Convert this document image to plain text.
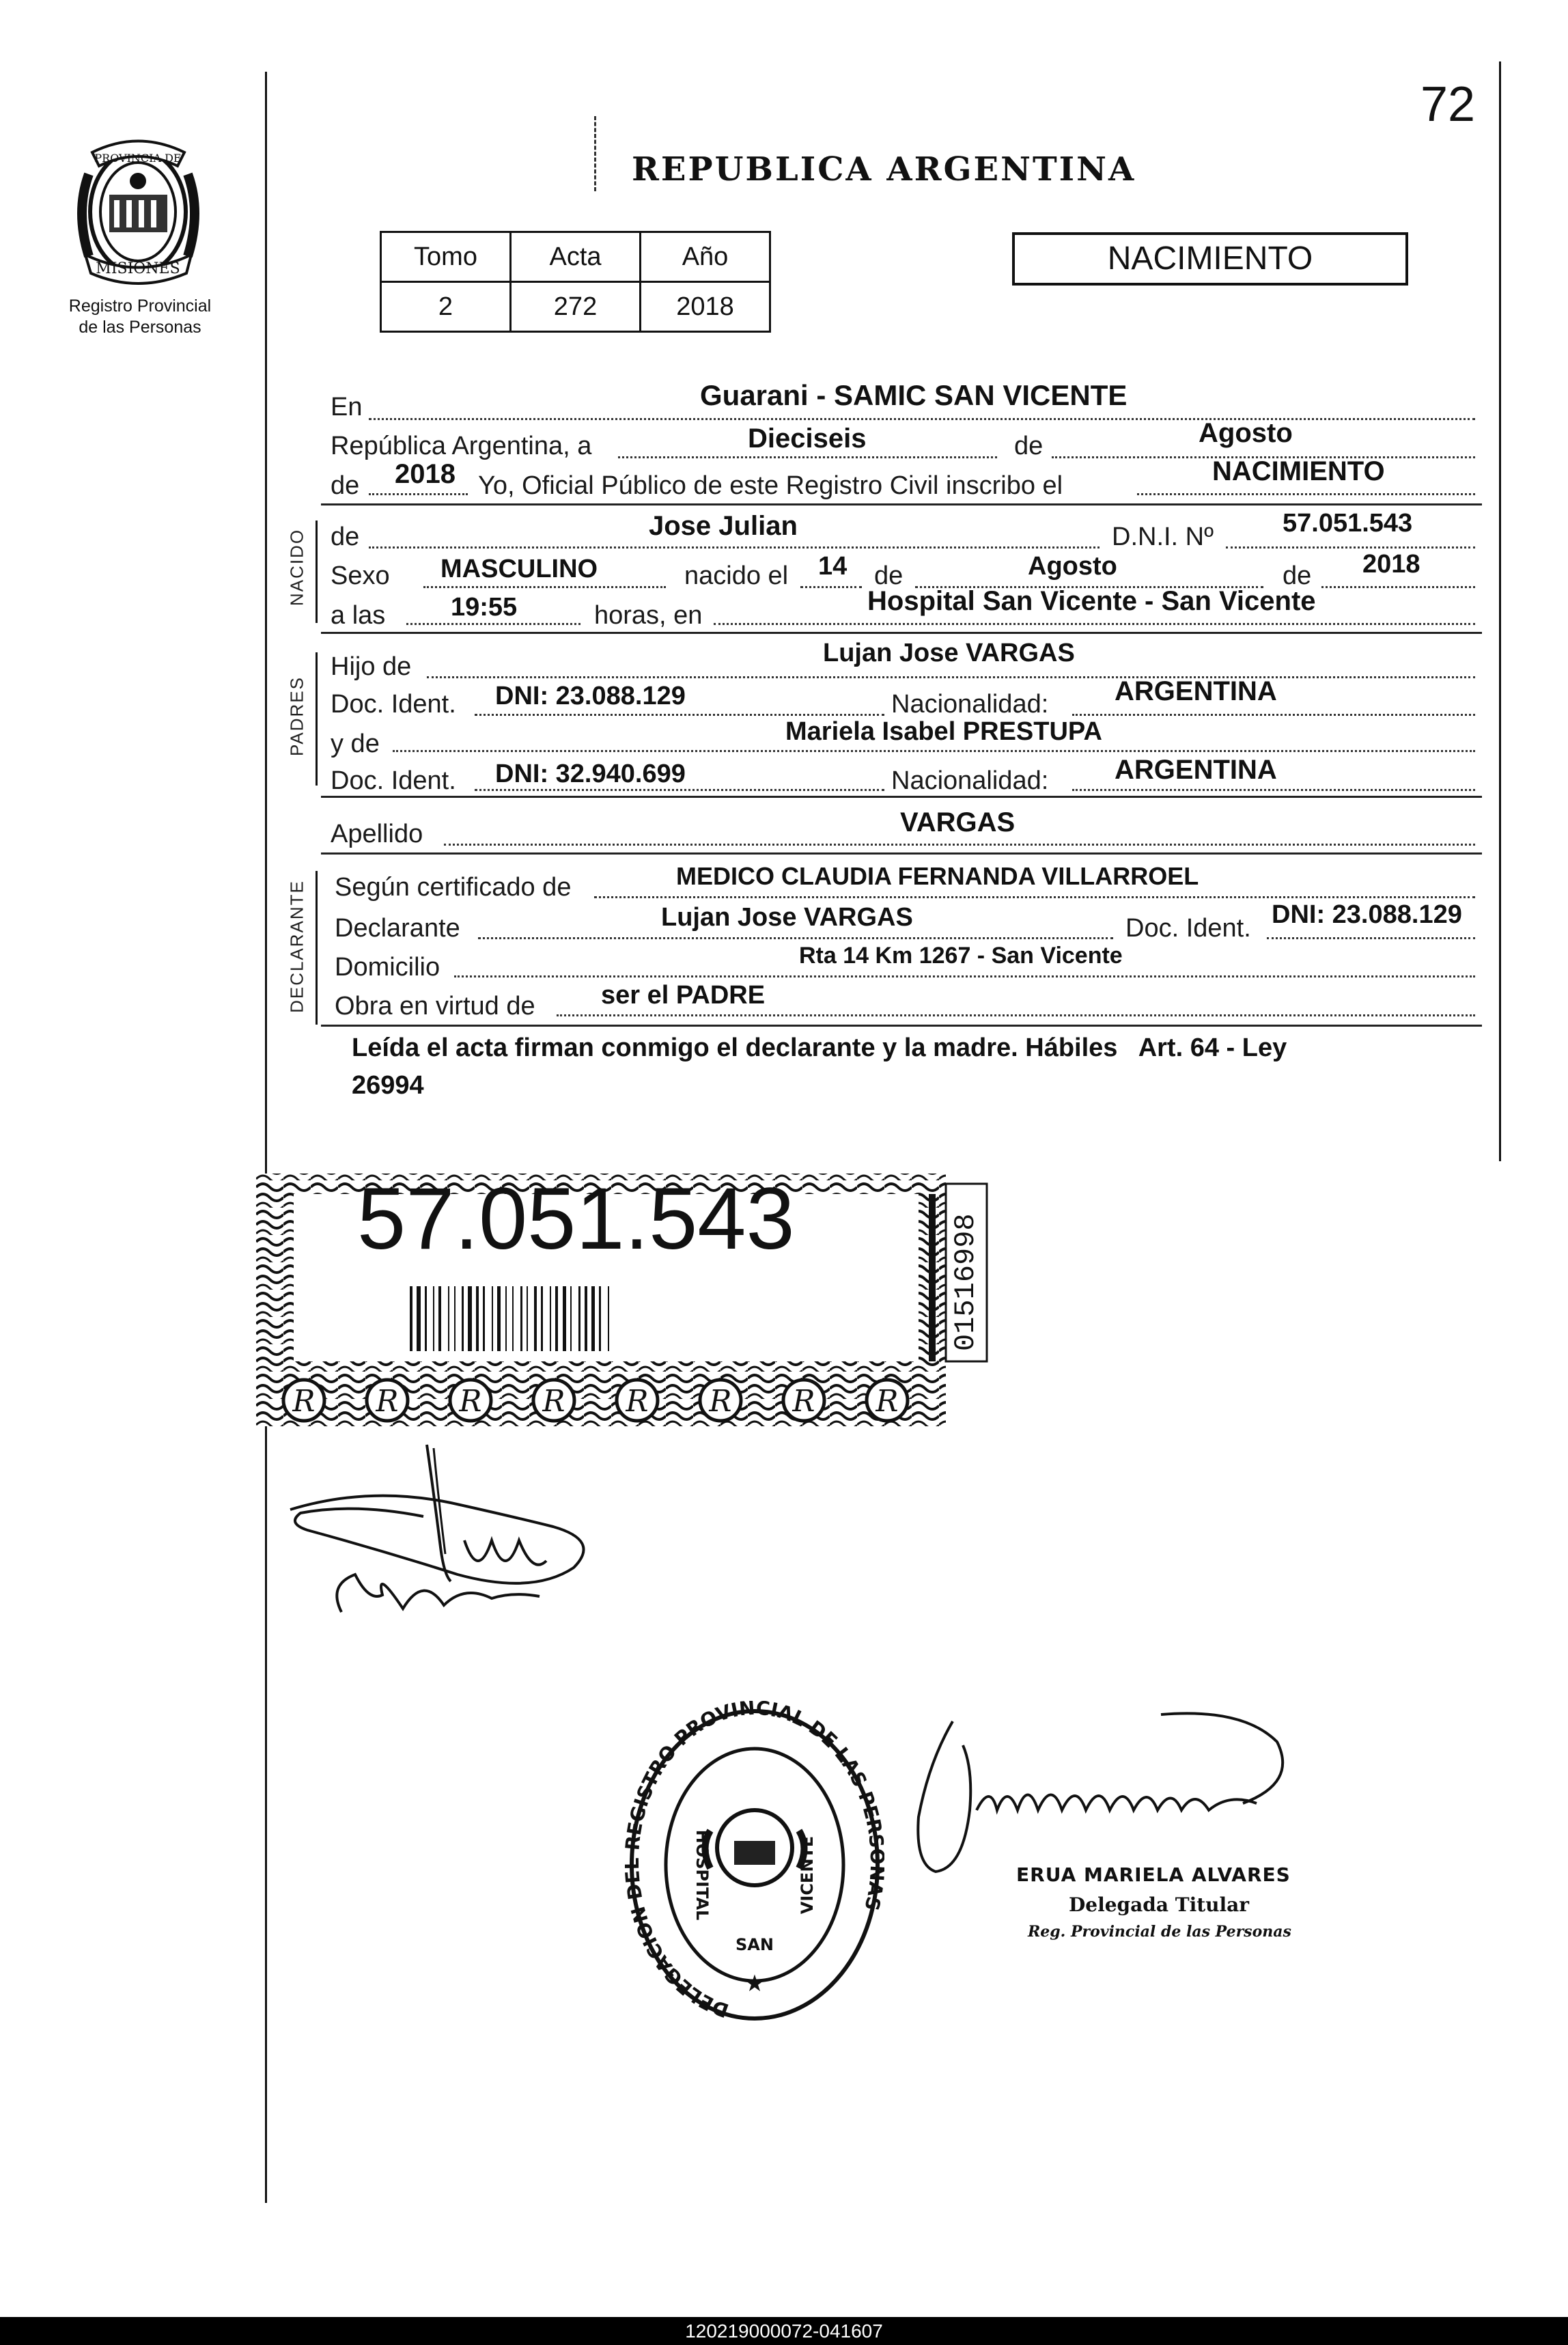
72
PROVINCIA DE
MISIONES
Registro Provincial
de las Personas
REPUBLICA ARGENTINA
Tomo	Acta	Año
2	272	2018
NACIMIENTO
En	Guarani - SAMIC SAN VICENTE
República Argentina, a	Dieciseis	de	Agosto
de 2018 Yo, Oficial Público de este Registro Civil inscribo el	NACIMIENTO
NACIDO de	Jose Julian	D.N.I. Nº	57.051.543
Sexo MASCULINO	nacido el 14 de	Agosto	de 2018
a las	19:55	horas, en	Hospital San Vicente - San Vicente
PADRES
Hijo de	Lujan Jose VARGAS
Doc. Ident. DNI: 23.088.129	Nacionalidad: ARGENTINA
y de	Mariela Isabel PRESTUPA
Doc. Ident. DNI: 32.940.699	Nacionalidad: ARGENTINA
Apellido	VARGAS
DECLARANTE Según certificado de	MEDICO CLAUDIA FERNANDA VILLARROEL
Declarante	Lujan Jose VARGAS	Doc. Ident. DNI: 23.088.129
Domicilio	Rta 14 Km 1267 - San Vicente
Obra en virtud de	ser el PADRE
Leída el acta firman conmigo el declarante y la madre. Hábiles   Art. 64 - Ley
26994
R R R R R R R R
57.051.543	01516998
DELEGACION EGISTRO PROVINCIAL DE LAS PER S
HOSPITAL
SAN
VICENTE
★
ERUA MARIELA ALVARES
Delegada Titular
Reg. Provincial de las Personas
120219000072-041607
